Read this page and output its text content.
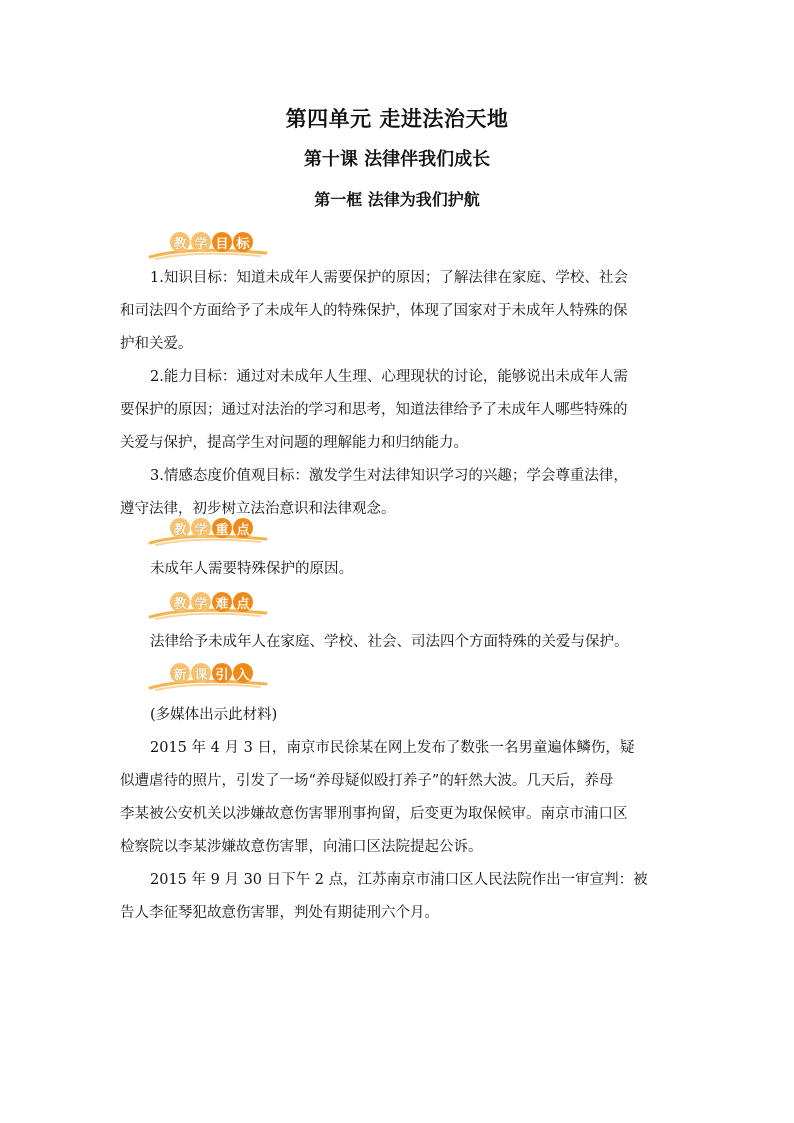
第四单元 走进法治天地
第十课 法律伴我们成长
第一框 法律为我们护航
教 学 目 标
1.知识目标：知道未成年人需要保护的原因；了解法律在家庭、学校、社会
和司法四个方面给予了未成年人的特殊保护，体现了国家对于未成年人特殊的保
护和关爱。
2.能力目标：通过对未成年人生理、心理现状的讨论，能够说出未成年人需
要保护的原因；通过对法治的学习和思考，知道法律给予了未成年人哪些特殊的
关爱与保护，提高学生对问题的理解能力和归纳能力。
3.情感态度价值观目标：激发学生对法律知识学习的兴趣；学会尊重法律，
遵守法律，初步树立法治意识和法律观念。
教 学 重 点
未成年人需要特殊保护的原因。
教 学 难 点
法律给予未成年人在家庭、学校、社会、司法四个方面特殊的关爱与保护。
新 课 引 入
(多媒体出示此材料)
2015 年 4 月 3 日，南京市民徐某在网上发布了数张一名男童遍体鳞伤，疑
似遭虐待的照片，引发了一场“养母疑似殴打养子”的轩然大波。几天后，养母
李某被公安机关以涉嫌故意伤害罪刑事拘留，后变更为取保候审。南京市浦口区
检察院以李某涉嫌故意伤害罪，向浦口区法院提起公诉。
2015 年 9 月 30 日下午 2 点，江苏南京市浦口区人民法院作出一审宣判：被
告人李征琴犯故意伤害罪，判处有期徒刑六个月。
